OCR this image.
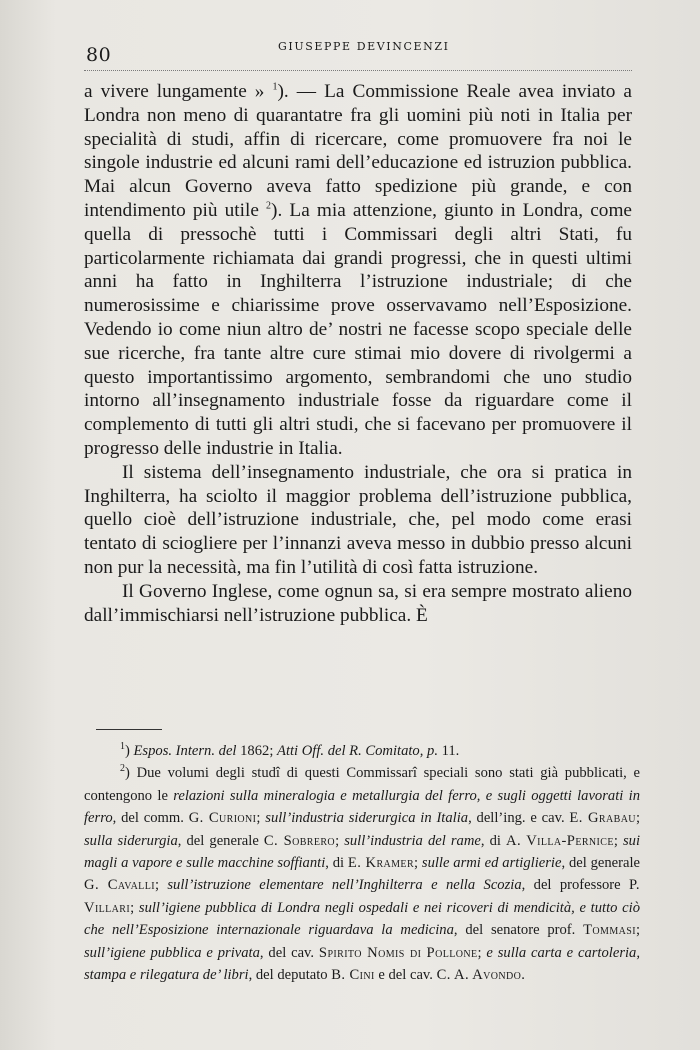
80	GIUSEPPE DEVINCENZI

a vivere lungamente » $^1$). — La Commissione Reale avea inviato a Londra non meno di quarantatre fra gli uomini più noti in Italia per specialità di studi, affin di ricercare, come promuovere fra noi le singole industrie ed alcuni rami dell’educazione ed istruzion pubblica. Mai alcun Governo aveva fatto spedizione più grande, e con intendimento più utile $^2$). La mia attenzione, giunto in Londra, come quella di pressochè tutti i Commissari degli altri Stati, fu particolarmente richiamata dai grandi progressi, che in questi ultimi anni ha fatto in Inghilterra l’istruzione industriale; di che numerosissime e chiarissime prove osservavamo nell’Esposizione. Vedendo io come niun altro de’ nostri ne facesse scopo speciale delle sue ricerche, fra tante altre cure stimai mio dovere di rivolgermi a questo importantissimo argomento, sembrandomi che uno studio intorno all’insegnamento industriale fosse da riguardare come il complemento di tutti gli altri studi, che si facevano per promuovere il progresso delle industrie in Italia.

Il sistema dell’insegnamento industriale, che ora si pratica in Inghilterra, ha sciolto il maggior problema dell’istruzione pubblica, quello cioè dell’istruzione industriale, che, pel modo come erasi tentato di sciogliere per l’innanzi aveva messo in dubbio presso alcuni non pur la necessità, ma fin l’utilità di così fatta istruzione.

Il Governo Inglese, come ognun sa, si era sempre mostrato alieno dall’immischiarsi nell’istruzione pubblica. È

$^1$) Espos. Intern. del 1862; Atti Off. del R. Comitato, p. 11.

$^2$) Due volumi degli studî di questi Commissarî speciali sono stati già pubblicati, e contengono le relazioni sulla mineralogia e metallurgia del ferro, e sugli oggetti lavorati in ferro, del comm. G. Curioni; sull’industria siderurgica in Italia, dell’ing. e cav. E. Grabau; sulla siderurgia, del generale C. Sobrero; sull’industria del rame, di A. Villa-Pernice; sui magli a vapore e sulle macchine soffianti, di E. Kramer; sulle armi ed artiglierie, del generale G. Cavalli; sull’istruzione elementare nell’Inghilterra e nella Scozia, del professore P. Villari; sull’igiene pubblica di Londra negli ospedali e nei ricoveri di mendicità, e tutto ciò che nell’Esposizione internazionale riguardava la medicina, del senatore prof. Tommasi; sull’igiene pubblica e privata, del cav. Spirito Nomis di Pollone; e sulla carta e cartoleria, stampa e rilegatura de’ libri, del deputato B. Cini e del cav. C. A. Avondo.
